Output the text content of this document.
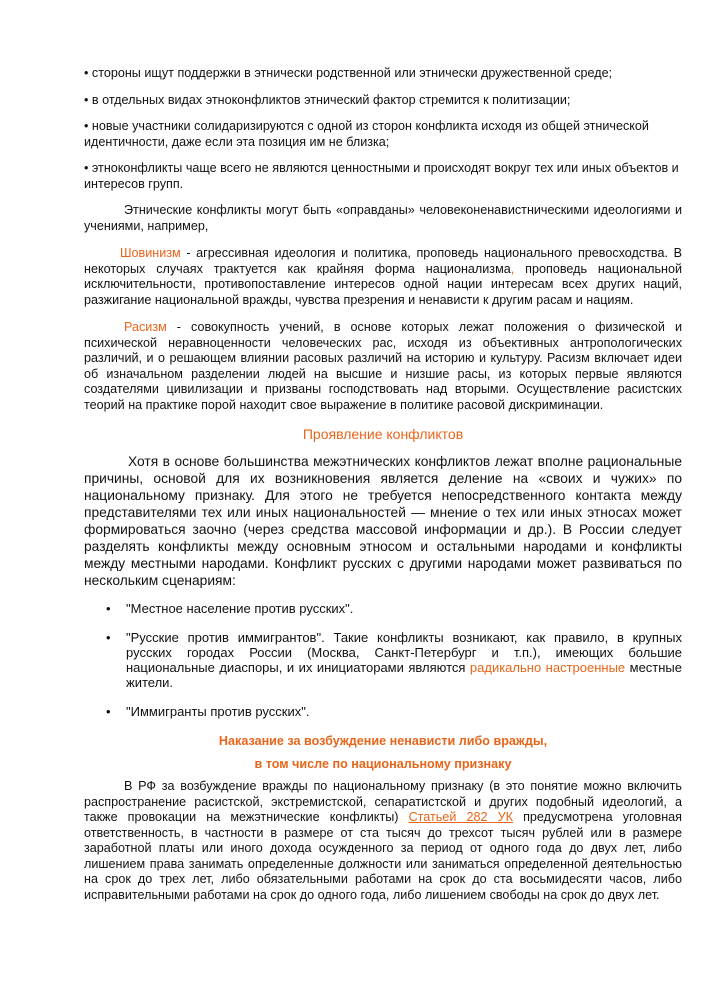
• стороны ищут поддержки в этнически родственной или этнически дружественной среде;

• в отдельных видах этноконфликтов этнический фактор стремится к политизации;

• новые участники солидаризируются с одной из сторон конфликта исходя из общей этнической идентичности, даже если эта позиция им не близка;

• этноконфликты чаще всего не являются ценностными и происходят вокруг тех или иных объектов и интересов групп.

Этнические конфликты могут быть «оправданы» человеконенавистническими идеологиями и учениями, например,

Шовинизм - агрессивная идеология и политика, проповедь национального превосходства. В некоторых случаях трактуется как крайняя форма национализма, проповедь национальной исключительности, противопоставление интересов одной нации интересам всех других наций, разжигание национальной вражды, чувства презрения и ненависти к другим расам и нациям.

Расизм - совокупность учений, в основе которых лежат положения о физической и психической неравноценности человеческих рас, исходя из объективных антропологических различий, и о решающем влиянии расовых различий на историю и культуру. Расизм включает идеи об изначальном разделении людей на высшие и низшие расы, из которых первые являются создателями цивилизации и призваны господствовать над вторыми. Осуществление расистских теорий на практике порой находит свое выражение в политике расовой дискриминации.

Проявление конфликтов

Хотя в основе большинства межэтнических конфликтов лежат вполне рациональные причины, основой для их возникновения является деление на «своих и чужих» по национальному признаку. Для этого не требуется непосредственного контакта между представителями тех или иных национальностей — мнение о тех или иных этносах может формироваться заочно (через средства массовой информации и др.). В России следует разделять конфликты между основным этносом и остальными народами и конфликты между местными народами. Конфликт русских с другими народами может развиваться по нескольким сценариям:

• "Местное население против русских".
• "Русские против иммигрантов". Такие конфликты возникают, как правило, в крупных русских городах России (Москва, Санкт-Петербург и т.п.), имеющих большие национальные диаспоры, и их инициаторами являются радикально настроенные местные жители.
• "Иммигранты против русских".
Наказание за возбуждение ненависти либо вражды,
в том числе по национальному признаку

В РФ за возбуждение вражды по национальному признаку (в это понятие можно включить распространение расистской, экстремистской, сепаратистской и других подобный идеологий, а также провокации на межэтнические конфликты) Статьей 282 УК предусмотрена уголовная ответственность, в частности в размере от ста тысяч до трехсот тысяч рублей или в размере заработной платы или иного дохода осужденного за период от одного года до двух лет, либо лишением права занимать определенные должности или заниматься определенной деятельностью на срок до трех лет, либо обязательными работами на срок до ста восьмидесяти часов, либо исправительными работами на срок до одного года, либо лишением свободы на срок до двух лет.
